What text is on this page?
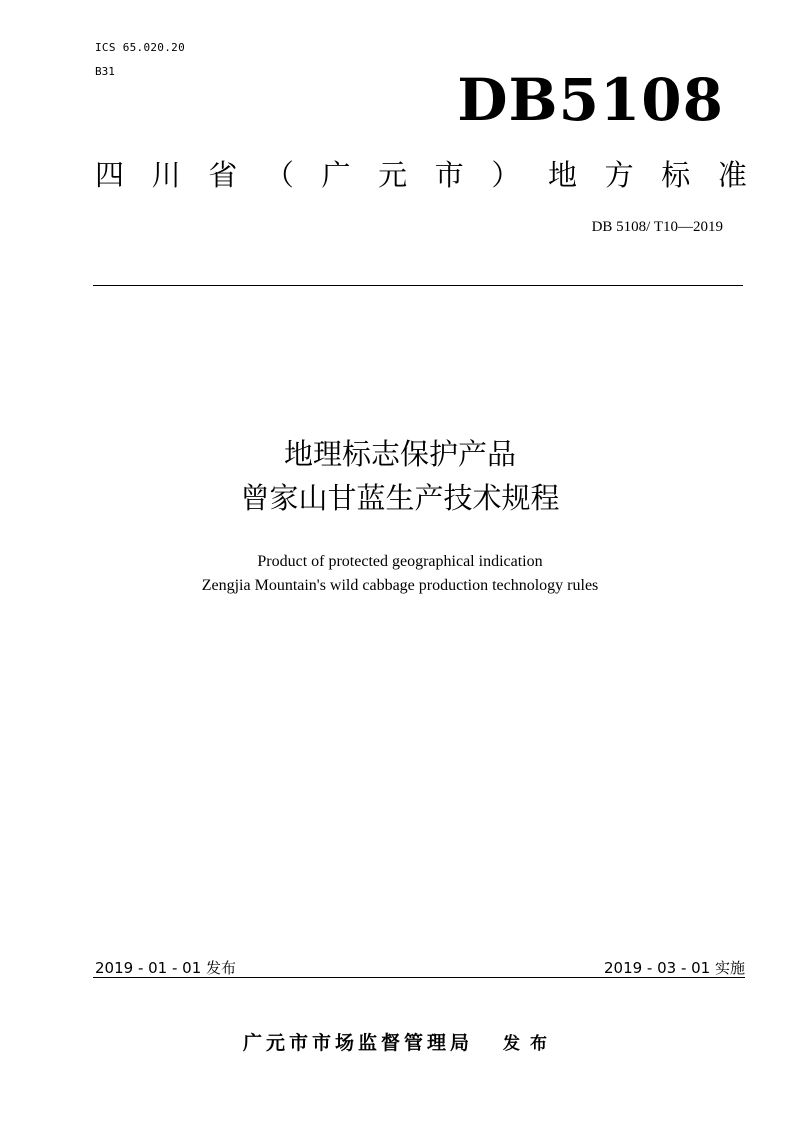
ICS 65.020.20
B31	DB5108
四 川 省 （ 广 元 市 ） 地 方 标 准
DB 5108/ T10—2019
地理标志保护产品
曾家山甘蓝生产技术规程
Product of protected geographical indication
Zengjia Mountain's wild cabbage production technology rules
2019 - 01 - 01 发布	2019 - 03 - 01 实施
广元市市场监督管理局 发布
